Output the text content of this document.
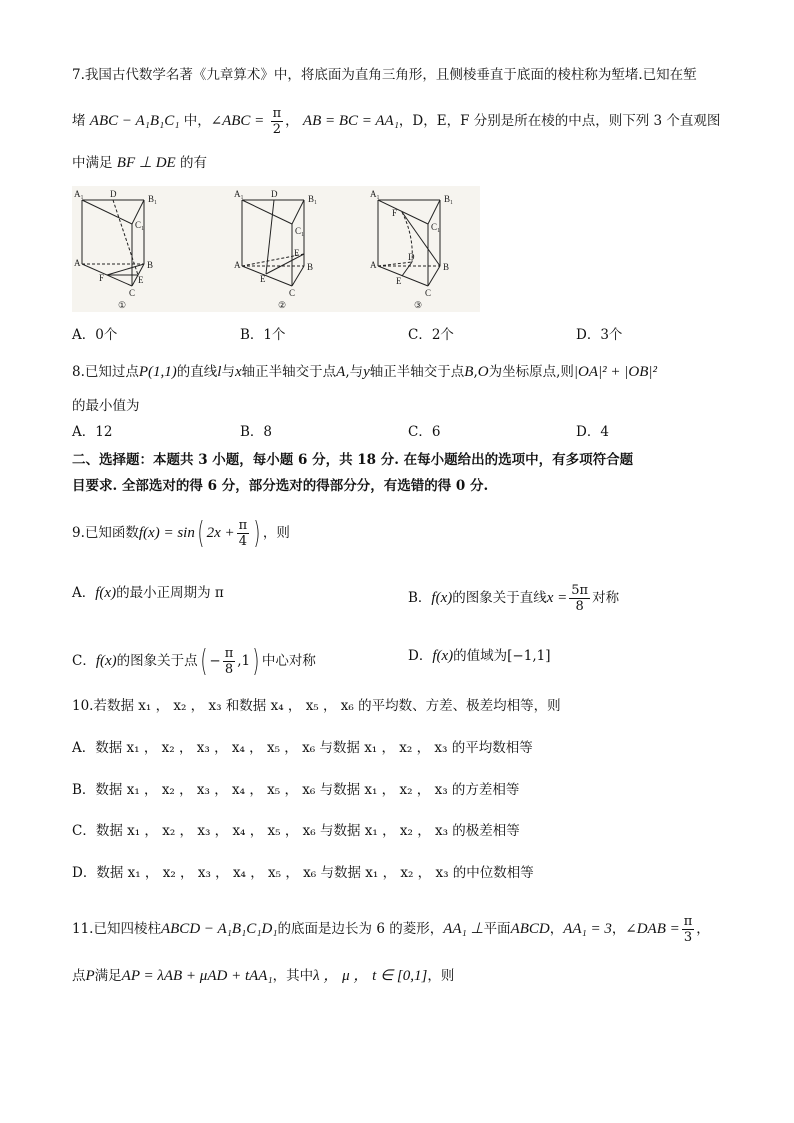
7.我国古代数学名著《九章算术》中，将底面为直角三角形，且侧棱垂直于底面的棱柱称为堑堵.已知在堑
堵 ABC − A₁B₁C₁ 中，∠ABC = $\frac{\pi}{2}$ ， AB = BC = AA₁，D，E，F 分别是所在棱的中点，则下列 3 个直观图
中满足 BF ⊥ DE 的有
A₁	D	B₁
C₁
A	B
F	E
C
①
A₁	D	B₁
C₁
A
F
B
E
C
②
A₁	B₁
F
C₁
A
D
B
E
C
③
A．0个	B．1个	C．2个	D．3个
8.已知过点P(1,1)的直线l与x轴正半轴交于点A,与y轴正半轴交于点B,O为坐标原点,则|OA|² + |OB|²
的最小值为
A．12	B．8	C．6	D．4
二、选择题：本题共 3 小题，每小题 6 分，共 18 分. 在每小题给出的选项中，有多项符合题
目要求. 全部选对的得 6 分，部分选对的得部分分，有选错的得 0 分.
9.已知函数f(x) = sin( $2x + \frac{\pi}{4}$ ) ，则
A．f(x)的最小正周期为 π	B．f(x)的图象关于直线$x = \frac{5\pi}{8}$ 对称
C．f(x)的图象关于点( − $\frac{\pi}{8} ,1$) 中心对称	D．f(x)的值域为[−1,1]
10.若数据 x₁ ， x₂ ， x₃ 和数据 x₄ ， x₅ ， x₆ 的平均数、方差、极差均相等，则
A．数据 x₁ ， x₂ ， x₃ ， x₄ ， x₅ ， x₆ 与数据 x₁ ， x₂ ， x₃ 的平均数相等
B．数据 x₁ ， x₂ ， x₃ ， x₄ ， x₅ ， x₆ 与数据 x₁ ， x₂ ， x₃ 的方差相等
C．数据 x₁ ， x₂ ， x₃ ， x₄ ， x₅ ， x₆ 与数据 x₁ ， x₂ ， x₃ 的极差相等
D．数据 x₁ ， x₂ ， x₃ ， x₄ ， x₅ ， x₆ 与数据 x₁ ， x₂ ， x₃ 的中位数相等
11.已知四棱柱ABCD − A₁B₁C₁D₁的底面是边长为 6 的菱形，AA₁ ⊥平面ABCD，AA₁ = 3，∠DAB = $\frac{\pi}{3}$ ，
点P满足AP = λAB + μAD + tAA₁，其中λ ， μ ， t ∈ [0,1]，则
